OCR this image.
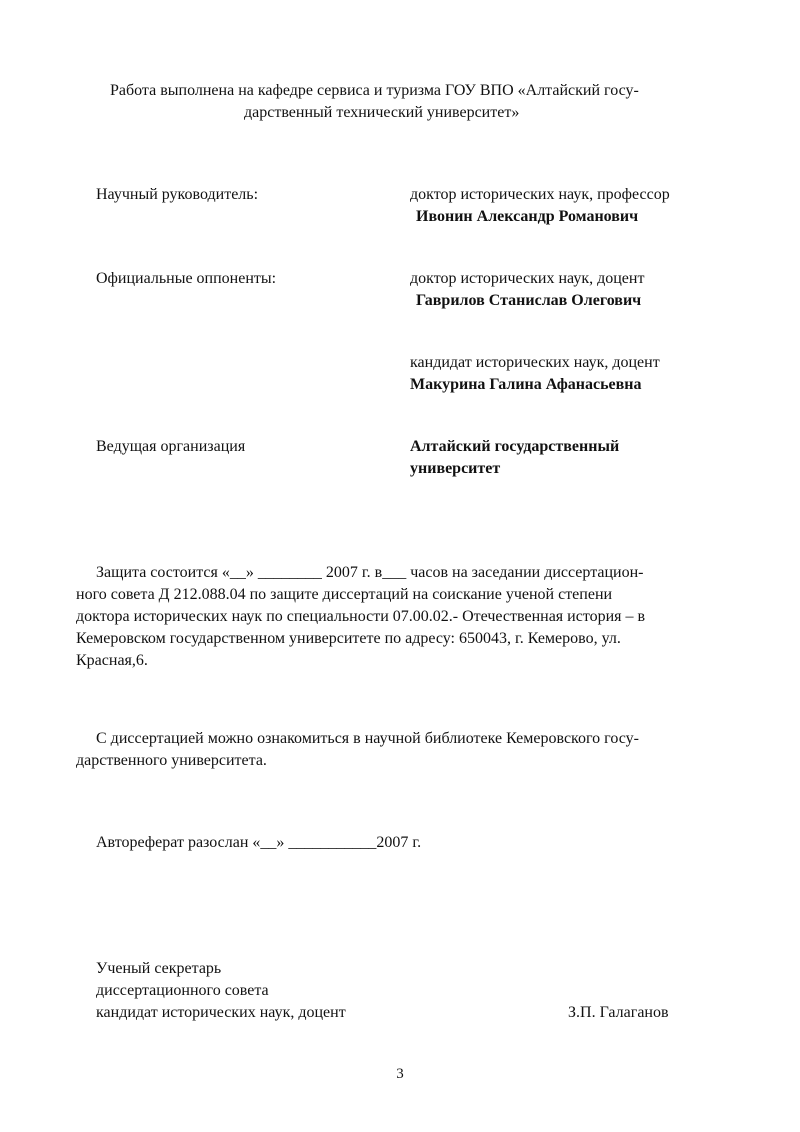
Работа выполнена на кафедре сервиса и туризма ГОУ ВПО «Алтайский госу-
дарственный технический университет»
Научный руководитель:	доктор исторических наук, профессор
Ивонин Александр Романович
Официальные оппоненты:	доктор исторических наук, доцент
Гаврилов Станислав Олегович
кандидат исторических наук, доцент
Макурина Галина Афанасьевна
Ведущая организация	Алтайский государственный
университет
Защита состоится «__» ________ 2007 г. в___ часов на заседании диссертацион-
ного совета Д 212.088.04 по защите диссертаций на соискание ученой степени
доктора исторических наук по специальности 07.00.02.- Отечественная история – в
Кемеровском государственном университете по адресу: 650043, г. Кемерово, ул.
Красная,6.
С диссертацией можно ознакомиться в научной библиотеке Кемеровского госу-
дарственного университета.
Автореферат разослан «__» ___________2007 г.
Ученый секретарь
диссертационного совета
кандидат исторических наук, доцент	З.П. Галаганов
3
